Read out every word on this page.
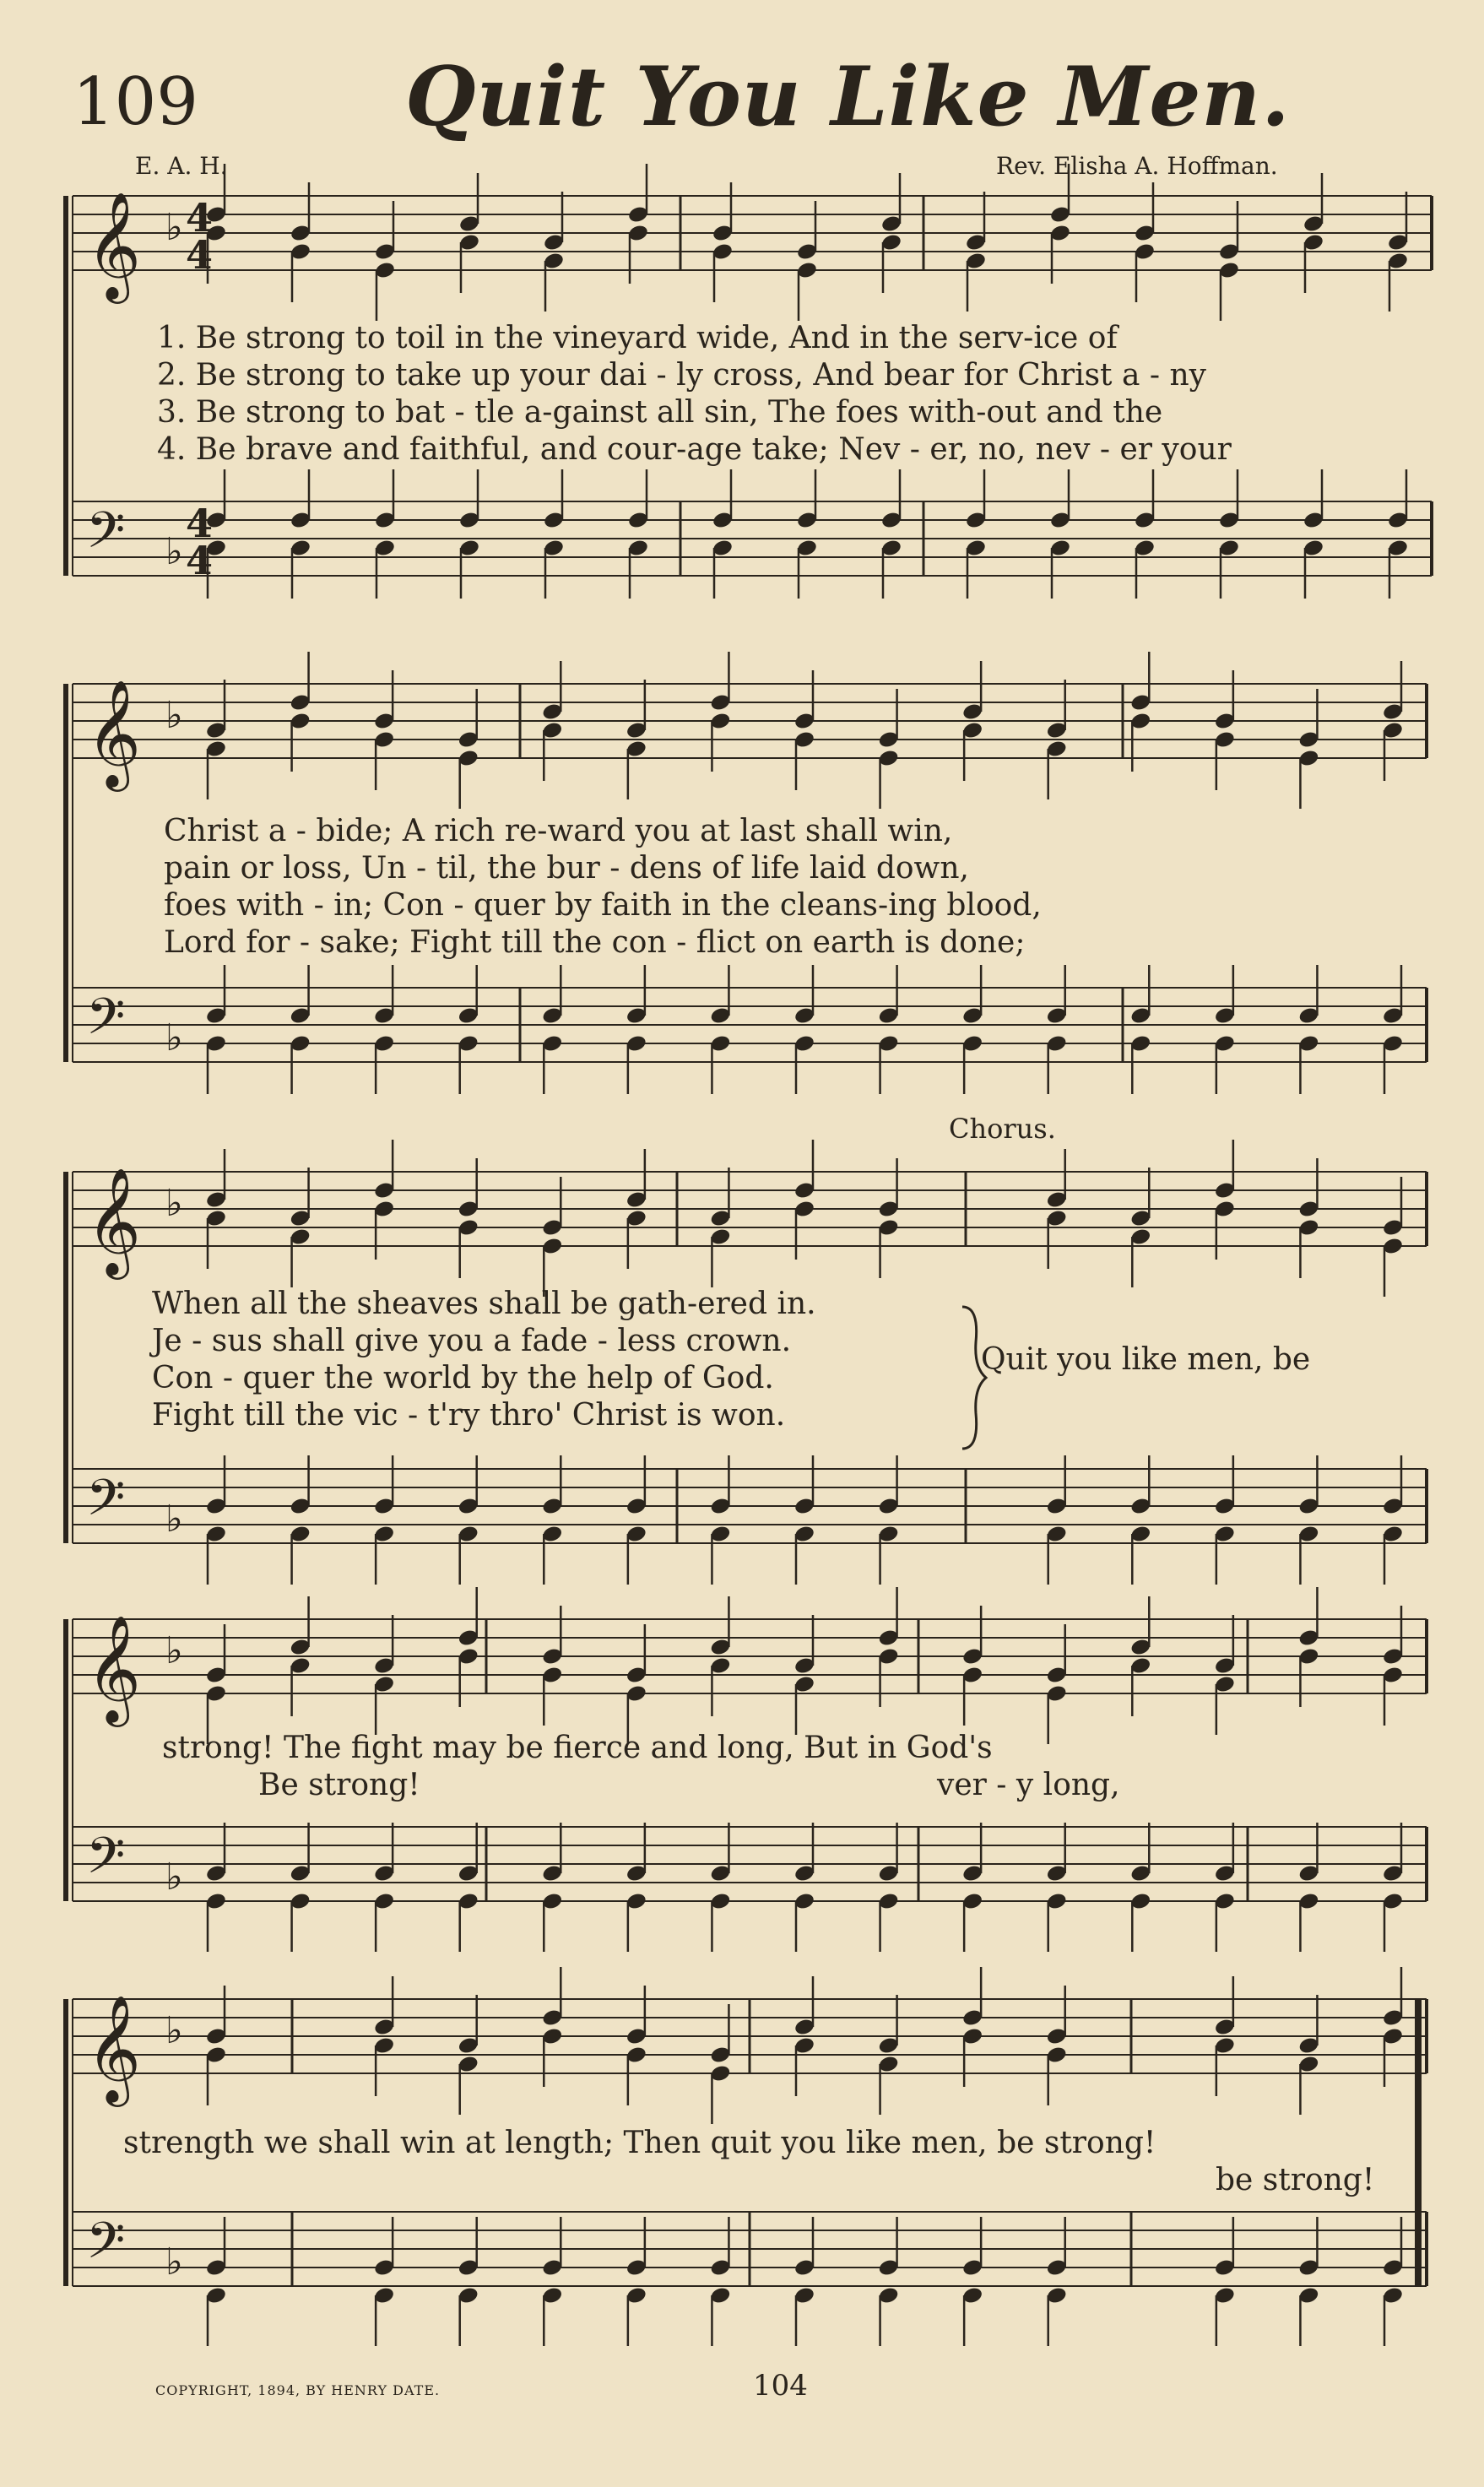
109	Quit You Like Men.
E. A. H.	Rev. Elisha A. Hoffman.
𝄞 ♭
𝄢 ♭
𝄞 ♭
𝄢 ♭
𝄞 ♭
𝄢 ♭
𝄞 ♭
𝄢 ♭
𝄞 ♭
𝄢 ♭
4
4
4
4
1. Be strong to toil in the vineyard wide, And in the serv-ice of
2. Be strong to take up your dai - ly cross, And bear for Christ a - ny
3. Be strong to bat - tle a-gainst all sin, The foes with-out and the
4. Be brave and faithful, and cour-age take; Nev - er, no, nev - er your
Christ a - bide; A rich re-ward you at last shall win,
pain or loss, Un - til, the bur - dens of life laid down,
foes with - in; Con - quer by faith in the cleans-ing blood,
Lord for - sake; Fight till the con - flict on earth is done;
Chorus.
When all the sheaves shall be gath-ered in.
Je - sus shall give you a fade - less crown.
Con - quer the world by the help of God.
Fight till the vic - t'ry thro' Christ is won.
Quit you like men, be
strong! The fight may be fierce and long, But in God's
Be strong!	ver - y long,
strength we shall win at length; Then quit you like men, be strong!
be strong!
COPYRIGHT, 1894, BY HENRY DATE.	104
